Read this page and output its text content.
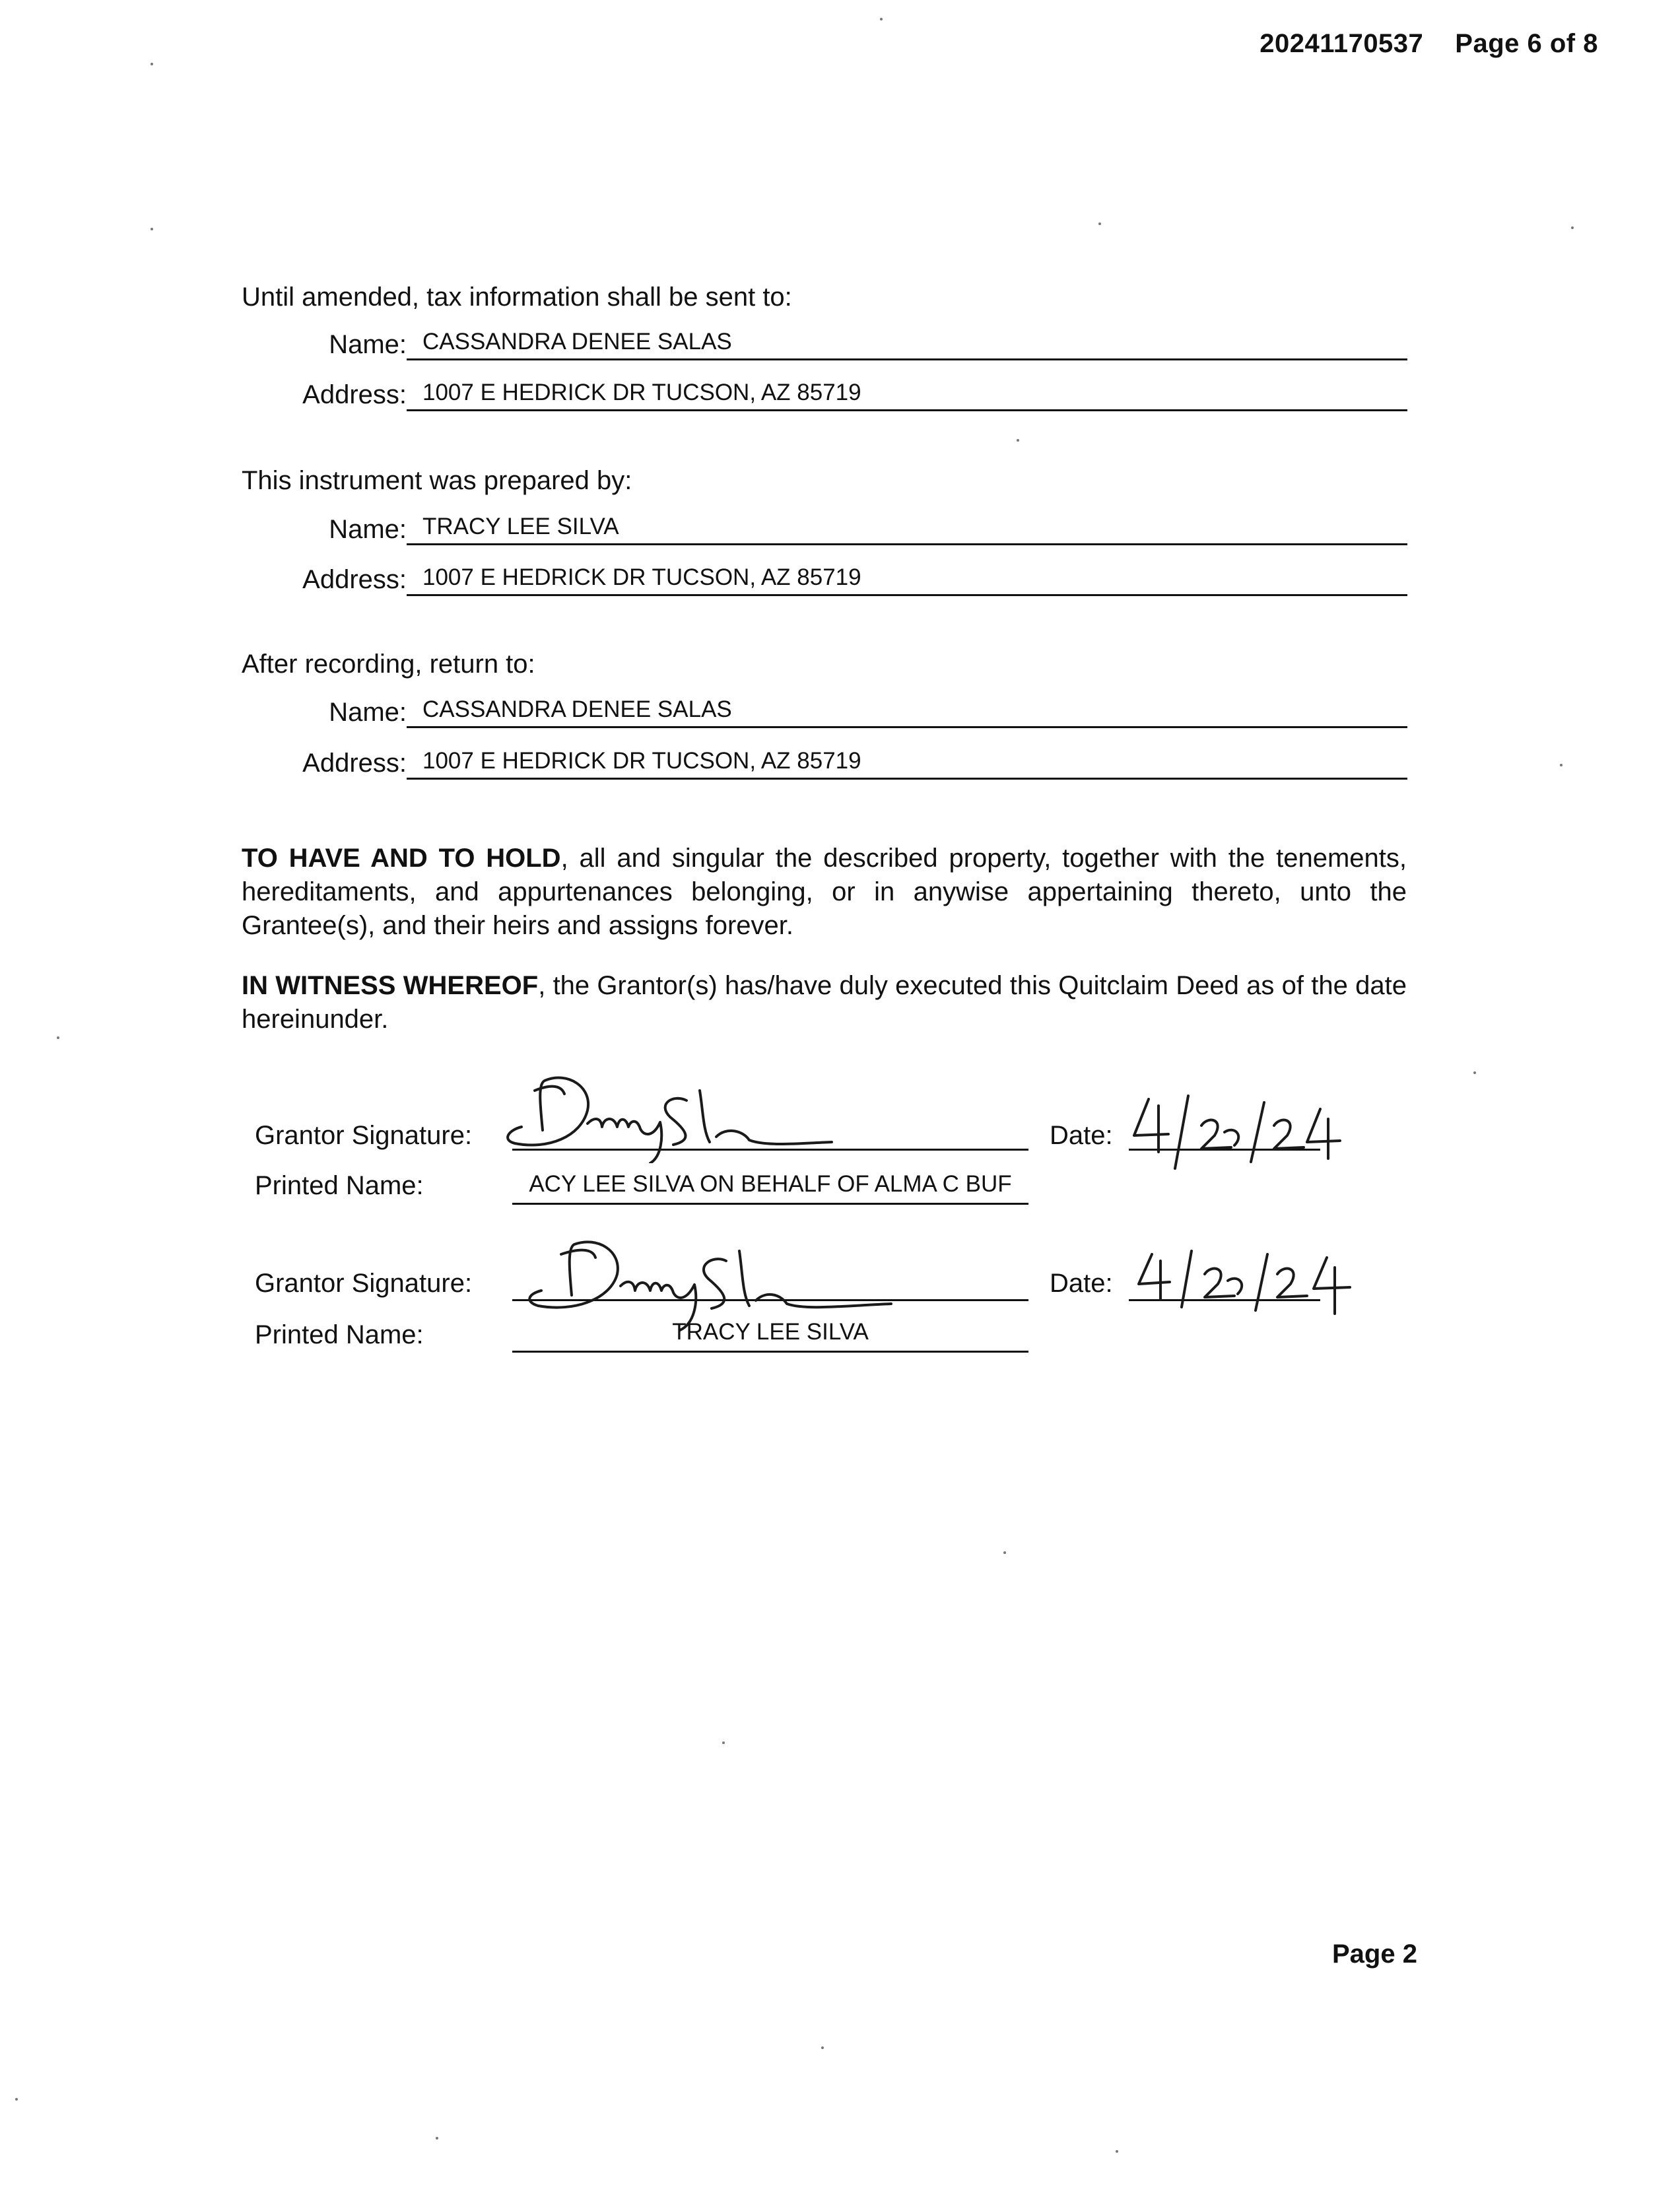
20241170537 Page 6 of 8
Until amended, tax information shall be sent to:
Name: CASSANDRA DENEE SALAS
Address: 1007 E HEDRICK DR TUCSON, AZ 85719
This instrument was prepared by:
Name: TRACY LEE SILVA
Address: 1007 E HEDRICK DR TUCSON, AZ 85719
After recording, return to:
Name: CASSANDRA DENEE SALAS
Address: 1007 E HEDRICK DR TUCSON, AZ 85719
TO HAVE AND TO HOLD, all and singular the described property, together with the tenements, hereditaments, and appurtenances belonging, or in anywise appertaining thereto, unto the Grantee(s), and their heirs and assigns forever.
IN WITNESS WHEREOF, the Grantor(s) has/have duly executed this Quitclaim Deed as of the date hereinunder.
Grantor Signature:	Date:
Printed Name:	ACY LEE SILVA ON BEHALF OF ALMA C BUF
Grantor Signature:	Date:
Printed Name:	TRACY LEE SILVA
Page 2
